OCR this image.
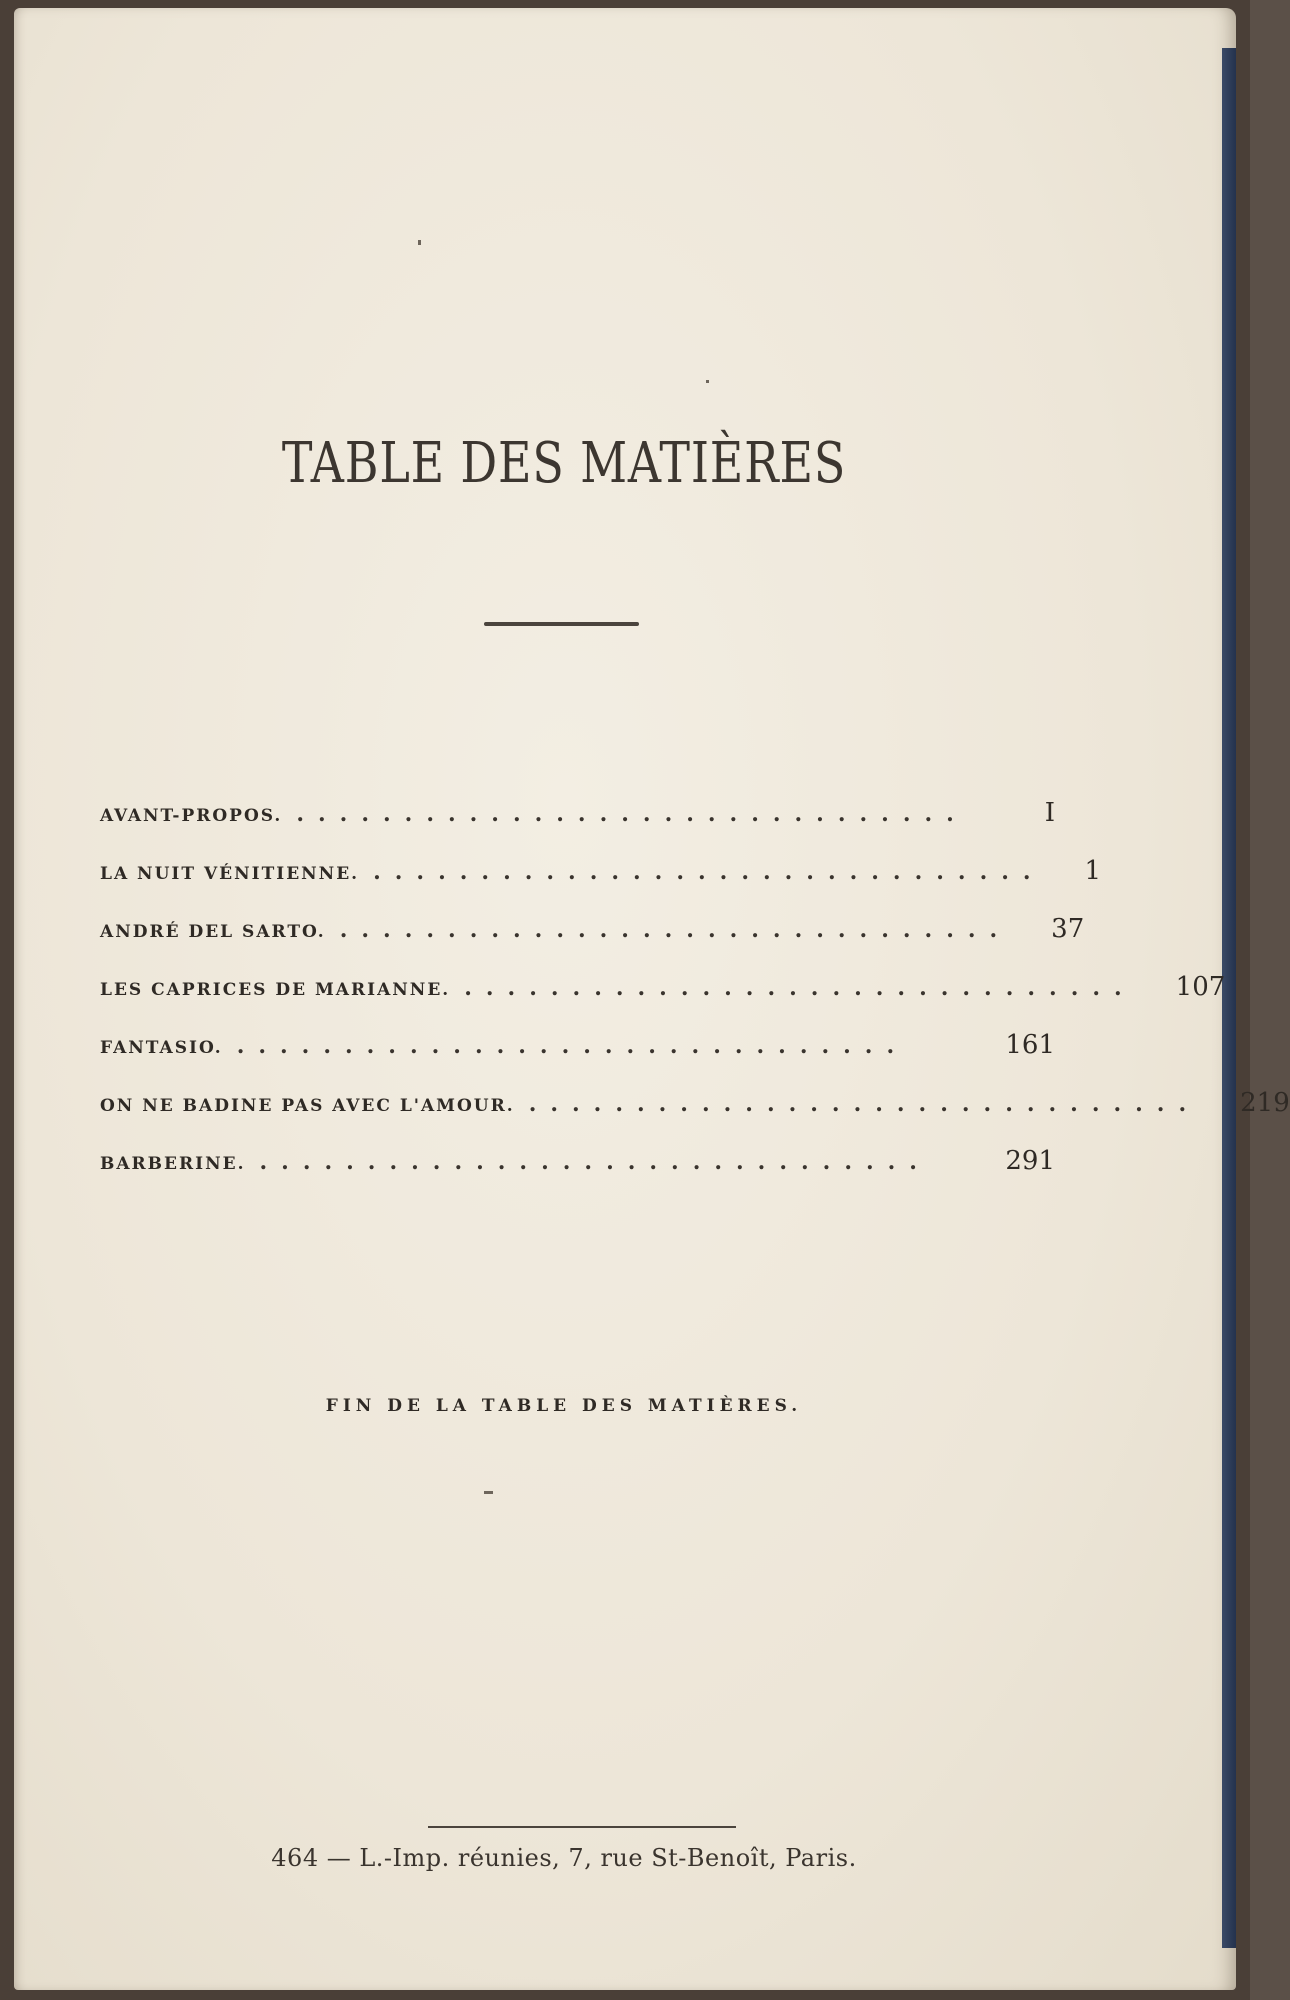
TABLE DES MATIÈRES
AVANT-PROPOS. ...............................	I
LA NUIT VÉNITIENNE. ............................... 1
ANDRÉ DEL SARTO. ............................... 37
LES CAPRICES DE MARIANNE. ............................... 107
FANTASIO. ...............................	161
ON NE BADINE PAS AVEC L'AMOUR. ............................... 219
BARBERINE. ...............................	291
FIN DE LA TABLE DES MATIÈRES.
464 — L.-Imp. réunies, 7, rue St-Benoît, Paris.
